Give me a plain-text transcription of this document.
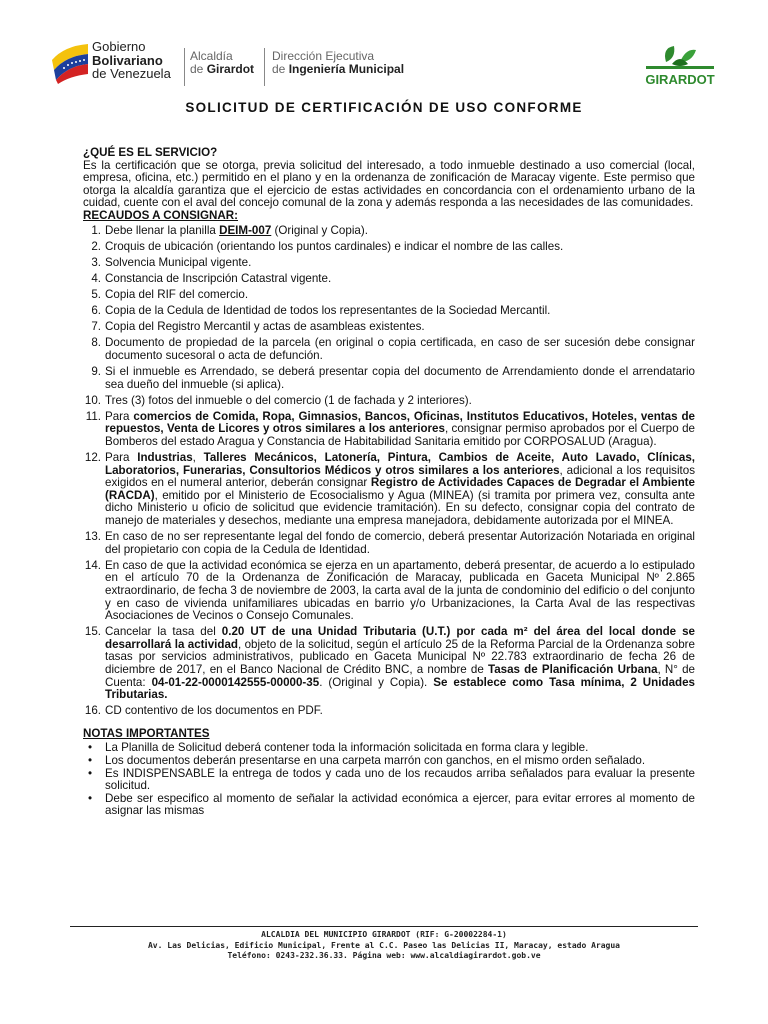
Gobierno
Bolivariano
de Venezuela
Alcaldía
de Girardot
Dirección Ejecutiva
de Ingeniería Municipal
GIRARDOT
SOLICITUD DE CERTIFICACIÓN DE USO CONFORME

¿QUÉ ES EL SERVICIO?

Es la certificación que se otorga, previa solicitud del interesado, a todo inmueble destinado a uso comercial (local, empresa, oficina, etc.) permitido en el plano y en la ordenanza de zonificación de Maracay vigente. Este permiso que otorga la alcaldía garantiza que el ejercicio de estas actividades en concordancia con el ordenamiento urbano de la cuidad, cuente con el aval del concejo comunal de la zona y además responda a las necesidades de las comunidades.

RECAUDOS A CONSIGNAR:

1. Debe llenar la planilla DEIM-007 (Original y Copia).
2. Croquis de ubicación (orientando los puntos cardinales) e indicar el nombre de las calles.
3. Solvencia Municipal vigente.
4. Constancia de Inscripción Catastral vigente.
5. Copia del RIF del comercio.
6. Copia de la Cedula de Identidad de todos los representantes de la Sociedad Mercantil.
7. Copia del Registro Mercantil y actas de asambleas existentes.
8. Documento de propiedad de la parcela (en original o copia certificada, en caso de ser sucesión debe consignar documento sucesoral o acta de defunción.
9. Si el inmueble es Arrendado, se deberá presentar copia del documento de Arrendamiento donde el arrendatario sea dueño del inmueble (si aplica).
10. Tres (3) fotos del inmueble o del comercio (1 de fachada y 2 interiores).
11. Para comercios de Comida, Ropa, Gimnasios, Bancos, Oficinas, Institutos Educativos, Hoteles, ventas de repuestos, Venta de Licores y otros similares a los anteriores, consignar permiso aprobados por el Cuerpo de Bomberos del estado Aragua y Constancia de Habitabilidad Sanitaria emitido por CORPOSALUD (Aragua).
12. Para Industrias, Talleres Mecánicos, Latonería, Pintura, Cambios de Aceite, Auto Lavado, Clínicas, Laboratorios, Funerarias, Consultorios Médicos y otros similares a los anteriores, adicional a los requisitos exigidos en el numeral anterior, deberán consignar Registro de Actividades Capaces de Degradar el Ambiente (RACDA), emitido por el Ministerio de Ecosocialismo y Agua (MINEA) (si tramita por primera vez, consulta ante dicho Ministerio u oficio de solicitud que evidencie tramitación). En su defecto, consignar copia del contrato de manejo de materiales y desechos, mediante una empresa manejadora, debidamente autorizada por el MINEA.
13. En caso de no ser representante legal del fondo de comercio, deberá presentar Autorización Notariada en original del propietario con copia de la Cedula de Identidad.
14. En caso de que la actividad económica se ejerza en un apartamento, deberá presentar, de acuerdo a lo estipulado en el artículo 70 de la Ordenanza de Zonificación de Maracay, publicada en Gaceta Municipal Nº 2.865 extraordinario, de fecha 3 de noviembre de 2003, la carta aval de la junta de condominio del edificio o del conjunto y en caso de vivienda unifamiliares ubicadas en barrio y/o Urbanizaciones, la Carta Aval de las respectivas Asociaciones de Vecinos o Consejo Comunales.
15. Cancelar la tasa del 0.20 UT de una Unidad Tributaria (U.T.) por cada m² del área del local donde se desarrollará la actividad, objeto de la solicitud, según el artículo 25 de la Reforma Parcial de la Ordenanza sobre tasas por servicios administrativos, publicado en Gaceta Municipal Nº 22.783 extraordinario de fecha 26 de diciembre de 2017, en el Banco Nacional de Crédito BNC, a nombre de Tasas de Planificación Urbana, N° de Cuenta: 04-01-22-0000142555-00000-35. (Original y Copia). Se establece como Tasa mínima, 2 Unidades Tributarias.
16. CD contentivo de los documentos en PDF.

NOTAS IMPORTANTES

•	La Planilla de Solicitud deberá contener toda la información solicitada en forma clara y legible.
•	Los documentos deberán presentarse en una carpeta marrón con ganchos, en el mismo orden señalado.
•	Es INDISPENSABLE la entrega de todos y cada uno de los recaudos arriba señalados para evaluar la presente solicitud.
•	Debe ser especifico al momento de señalar la actividad económica a ejercer, para evitar errores al momento de asignar las mismas
ALCALDIA DEL MUNICIPIO GIRARDOT (RIF: G-20002284-1)
Av. Las Delicias, Edificio Municipal, Frente al C.C. Paseo las Delicias II, Maracay, estado Aragua
Teléfono: 0243-232.36.33. Página web: www.alcaldiagirardot.gob.ve
